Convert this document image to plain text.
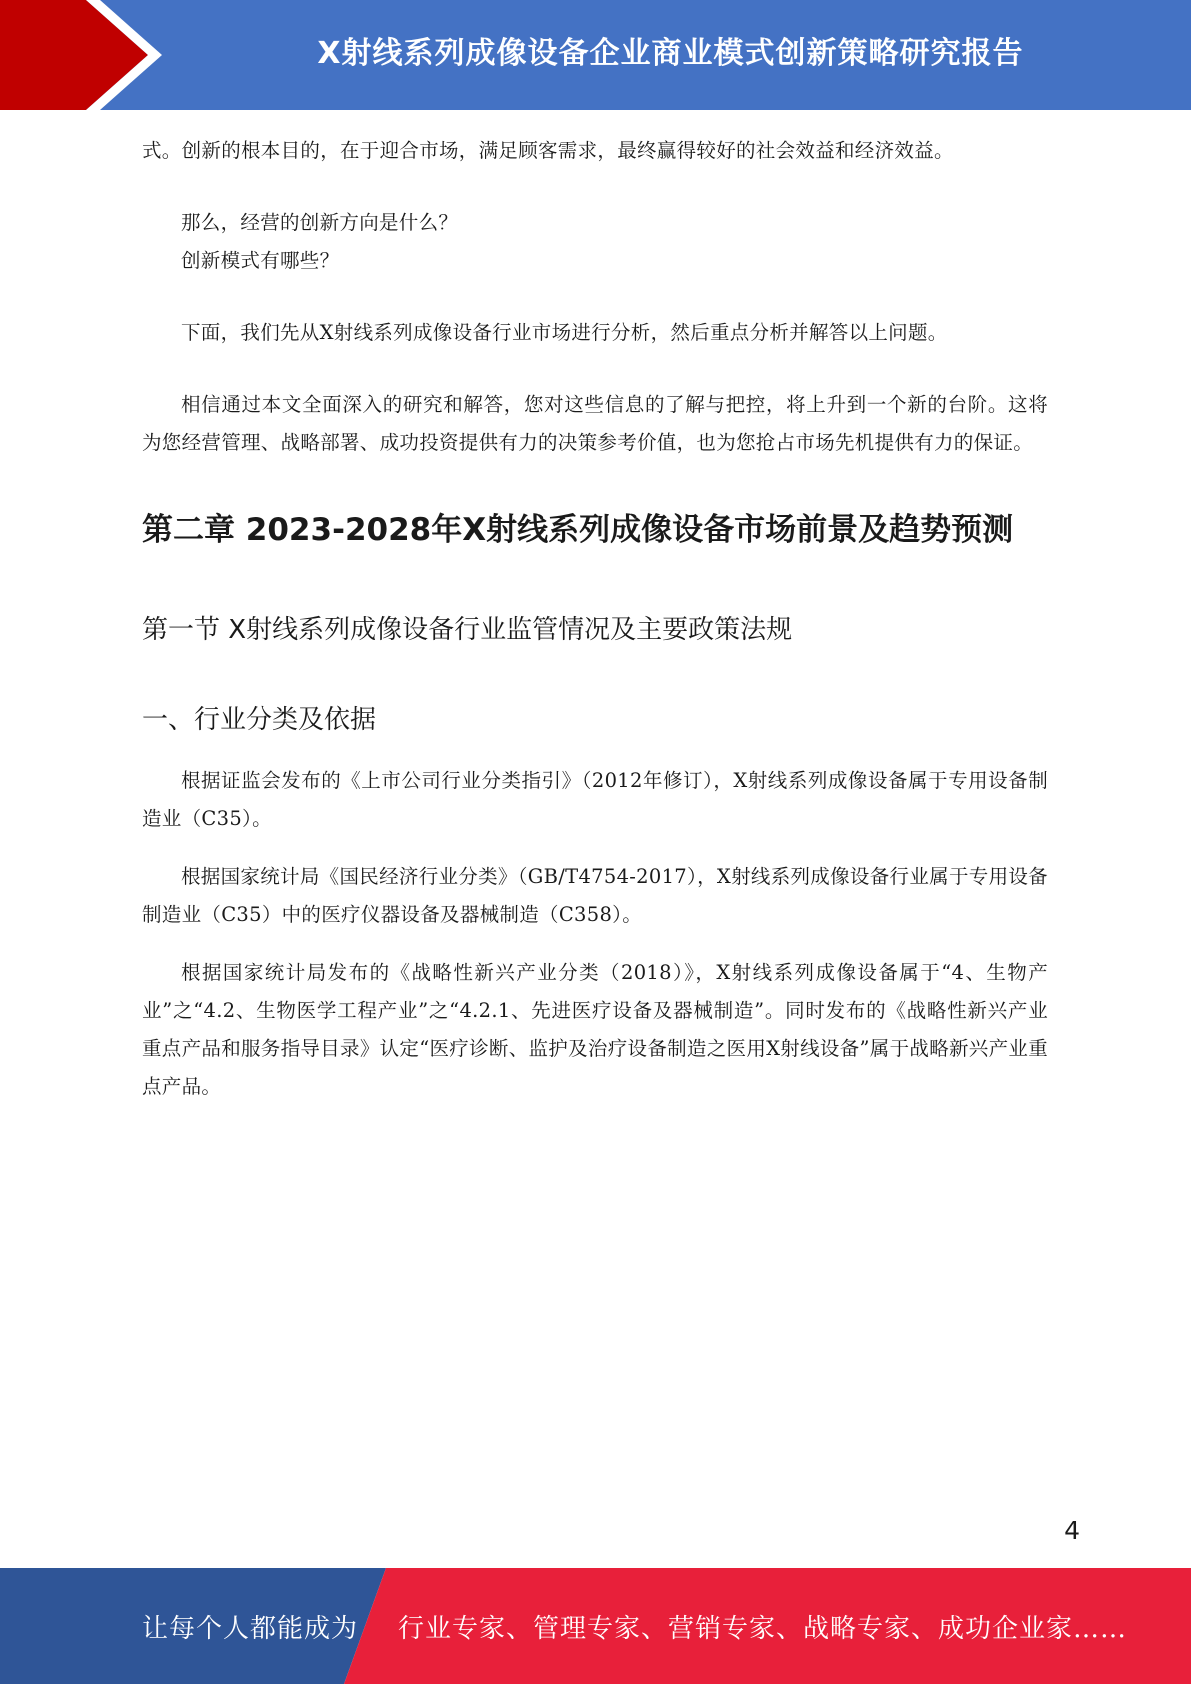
X射线系列成像设备企业商业模式创新策略研究报告

式。创新的根本目的，在于迎合市场，满足顾客需求，最终赢得较好的社会效益和经济效益。

那么，经营的创新方向是什么？

创新模式有哪些？

下面，我们先从X射线系列成像设备行业市场进行分析，然后重点分析并解答以上问题。

相信通过本文全面深入的研究和解答，您对这些信息的了解与把控，将上升到一个新的台阶。这将为您经营管理、战略部署、成功投资提供有力的决策参考价值，也为您抢占市场先机提供有力的保证。

第二章 2023-2028年X射线系列成像设备市场前景及趋势预测
第一节 X射线系列成像设备行业监管情况及主要政策法规
一、行业分类及依据

根据证监会发布的《上市公司行业分类指引》（2012年修订），X射线系列成像设备属于专用设备制造业（C35）。

根据国家统计局《国民经济行业分类》（GB/T4754-2017），X射线系列成像设备行业属于专用设备制造业（C35）中的医疗仪器设备及器械制造（C358）。

根据国家统计局发布的《战略性新兴产业分类（2018）》，X射线系列成像设备属于“4、生物产业”之“4.2、生物医学工程产业”之“4.2.1、先进医疗设备及器械制造”。同时发布的《战略性新兴产业重点产品和服务指导目录》认定“医疗诊断、监护及治疗设备制造之医用X射线设备”属于战略新兴产业重点产品。

4
让每个人都能成为 行业专家、管理专家、营销专家、战略专家、成功企业家……
